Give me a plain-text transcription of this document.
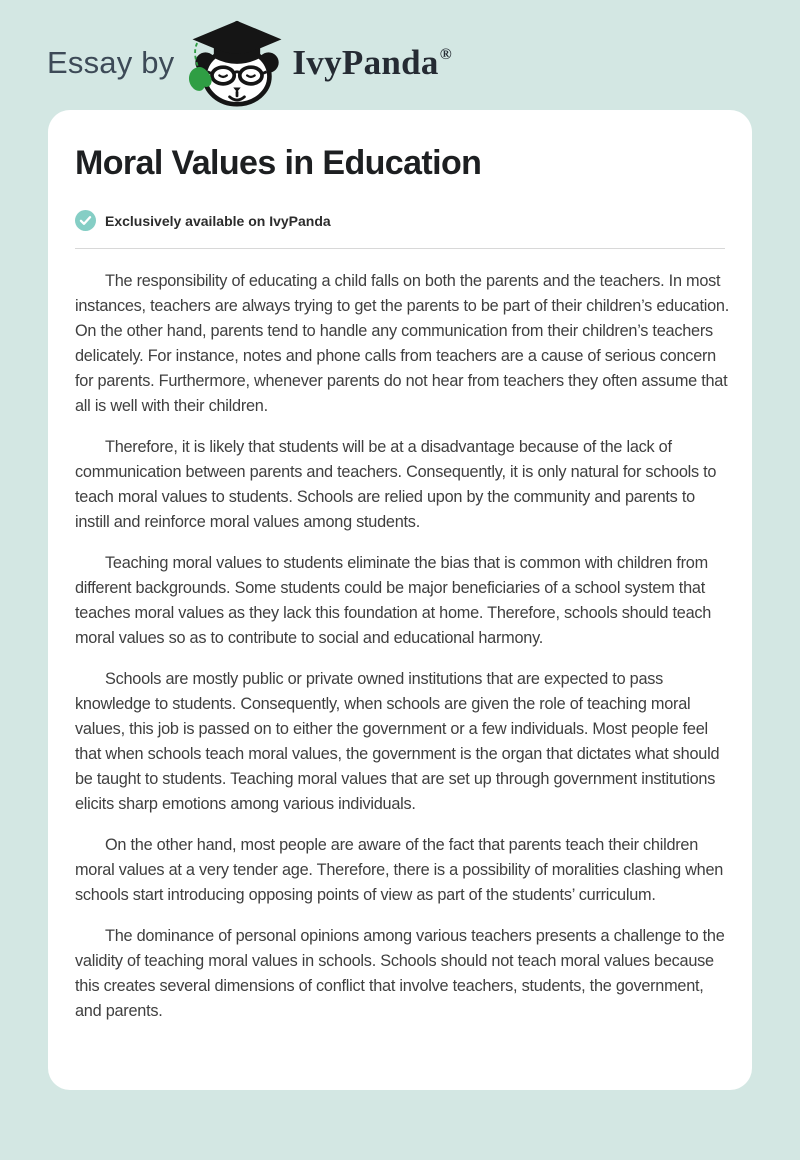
Essay by	IvyPanda®
Moral Values in Education
Exclusively available on IvyPanda

The responsibility of educating a child falls on both the parents and the teachers. In most instances, teachers are always trying to get the parents to be part of their children’s education. On the other hand, parents tend to handle any communication from their children’s teachers delicately. For instance, notes and phone calls from teachers are a cause of serious concern for parents. Furthermore, whenever parents do not hear from teachers they often assume that all is well with their children.

Therefore, it is likely that students will be at a disadvantage because of the lack of communication between parents and teachers. Consequently, it is only natural for schools to teach moral values to students. Schools are relied upon by the community and parents to instill and reinforce moral values among students.

Teaching moral values to students eliminate the bias that is common with children from different backgrounds. Some students could be major beneficiaries of a school system that teaches moral values as they lack this foundation at home. Therefore, schools should teach moral values so as to contribute to social and educational harmony.

Schools are mostly public or private owned institutions that are expected to pass knowledge to students. Consequently, when schools are given the role of teaching moral values, this job is passed on to either the government or a few individuals. Most people feel that when schools teach moral values, the government is the organ that dictates what should be taught to students. Teaching moral values that are set up through government institutions elicits sharp emotions among various individuals.

On the other hand, most people are aware of the fact that parents teach their children moral values at a very tender age. Therefore, there is a possibility of moralities clashing when schools start introducing opposing points of view as part of the students’ curriculum.

The dominance of personal opinions among various teachers presents a challenge to the validity of teaching moral values in schools. Schools should not teach moral values because this creates several dimensions of conflict that involve teachers, students, the government, and parents.
